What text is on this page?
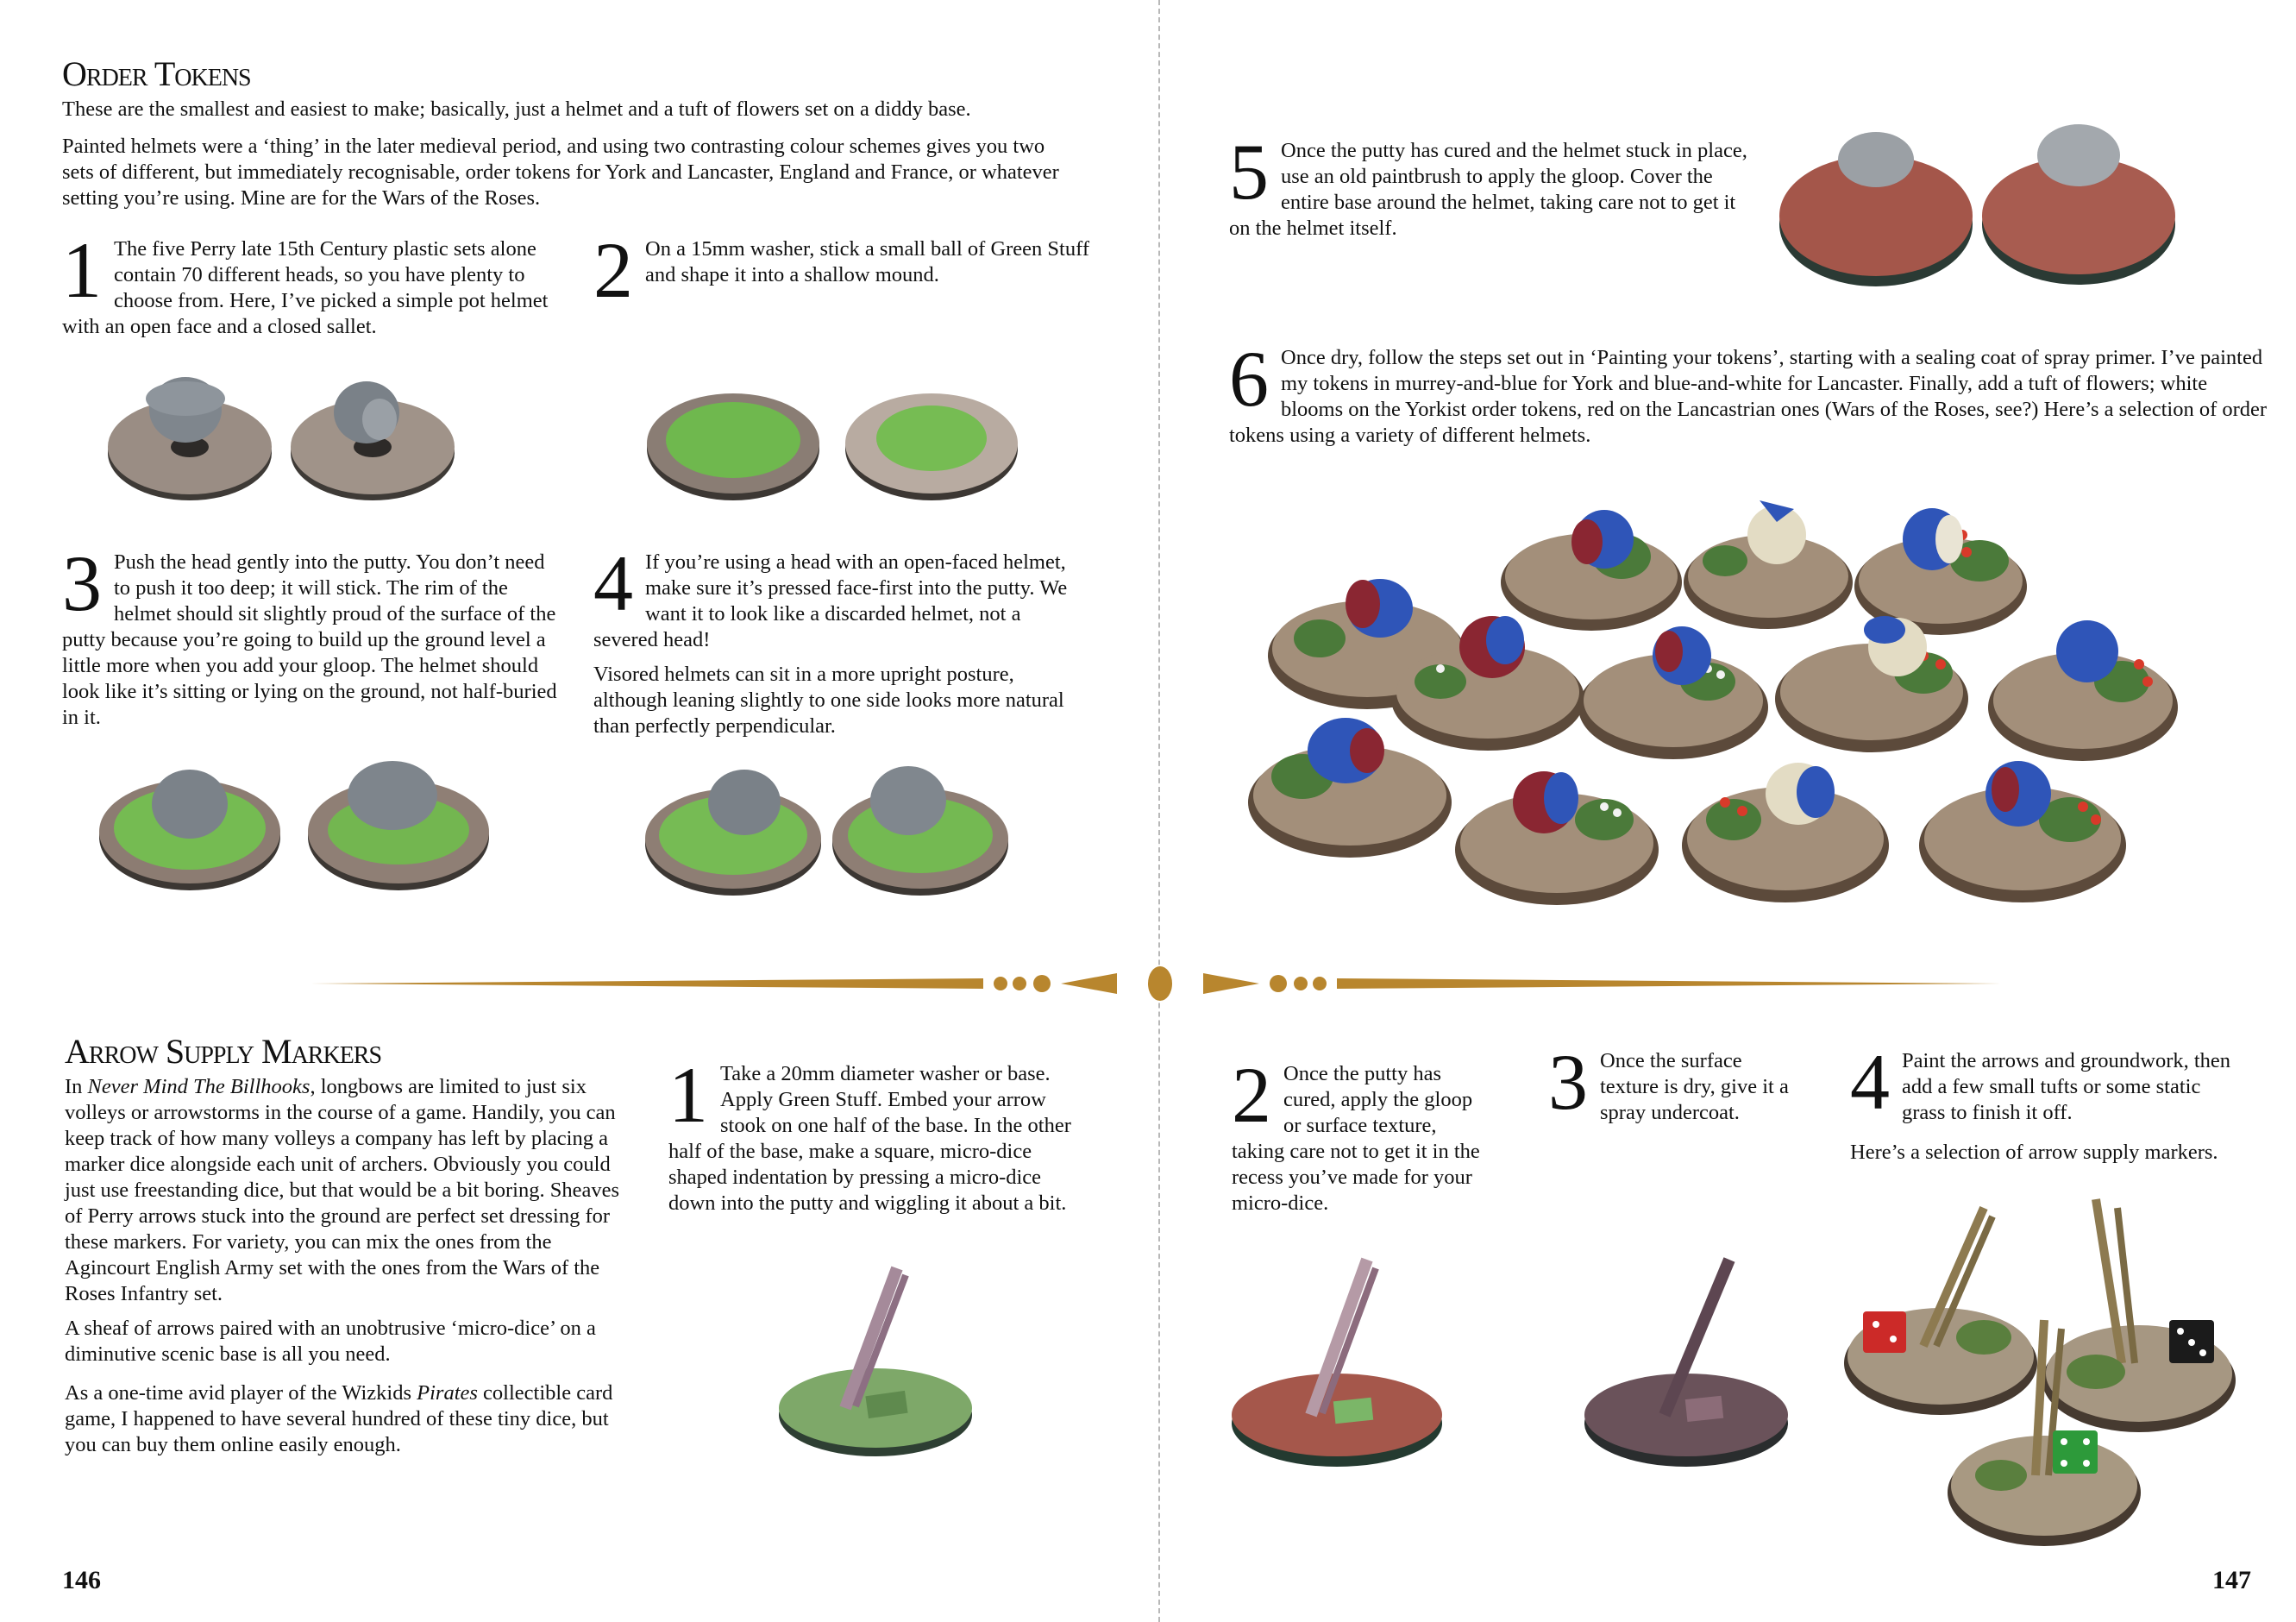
Order Tokens

These are the smallest and easiest to make; basically, just a helmet and a tuft of flowers set on a diddy base.

Painted helmets were a ‘thing’ in the later medieval period, and using two contrasting colour schemes gives you two sets of different, but immediately recognisable, order tokens for York and Lancaster, England and France, or whatever setting you’re using. Mine are for the Wars of the Roses.

1 The five Perry late 15th Century plastic sets alone contain 70 different heads, so you have plenty to choose from. Here, I’ve picked a simple pot helmet with an open face and a closed sallet.
2 On a 15mm washer, stick a small ball of Green Stuff and shape it into a shallow mound.
3 Push the head gently into the putty. You don’t need to push it too deep; it will stick. The rim of the helmet should sit slightly proud of the surface of the putty because you’re going to build up the ground level a little more when you add your gloop. The helmet should look like it’s sitting or lying on the ground, not half-buried in it.
4 If you’re using a head with an open-faced helmet, make sure it’s pressed face-first into the putty. We want it to look like a discarded helmet, not a severed head!
Visored helmets can sit in a more upright posture, although leaning slightly to one side looks more natural than perfectly perpendicular.
Arrow Supply Markers
In Never Mind The Billhooks, longbows are limited to just six volleys or arrowstorms in the course of a game. Handily, you can keep track of how many volleys a company has left by placing a marker dice alongside each unit of archers. Obviously you could just use freestanding dice, but that would be a bit boring. Sheaves of Perry arrows stuck into the ground are perfect set dressing for these markers. For variety, you can mix the ones from the Agincourt English Army set with the ones from the Wars of the Roses Infantry set.

A sheaf of arrows paired with an unobtrusive ‘micro-dice’ on a diminutive scenic base is all you need.

As a one-time avid player of the Wizkids Pirates collectible card game, I happened to have several hundred of these tiny dice, but you can buy them online easily enough.
1 Take a 20mm diameter washer or base. Apply Green Stuff. Embed your arrow stook on one half of the base. In the other half of the base, make a square, micro-dice shaped indentation by pressing a micro-dice down into the putty and wiggling it about a bit.
146
5 Once the putty has cured and the helmet stuck in place, use an old paintbrush to apply the gloop. Cover the entire base around the helmet, taking care not to get it on the helmet itself.
6 Once dry, follow the steps set out in ‘Painting your tokens’, starting with a sealing coat of spray primer. I’ve painted my tokens in murrey-and-blue for York and blue-and-white for Lancaster. Finally, add a tuft of flowers; white blooms on the Yorkist order tokens, red on the Lancastrian ones (Wars of the Roses, see?) Here’s a selection of order tokens using a variety of different helmets.
2 Once the putty has cured, apply the gloop or surface texture, taking care not to get it in the recess you’ve made for your micro-dice.
3 Once the surface texture is dry, give it a spray undercoat.	4 Paint the arrows and groundwork, then add a few small tufts or some static grass to finish it off.
Here’s a selection of arrow supply markers.
147
